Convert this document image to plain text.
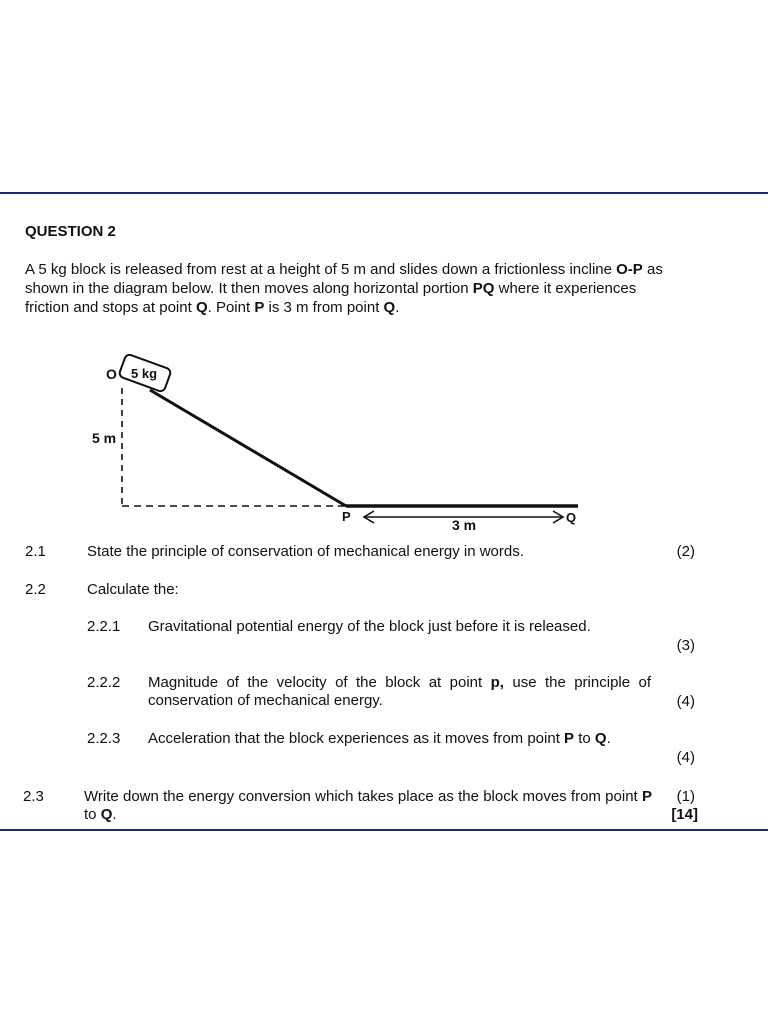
QUESTION 2
A 5 kg block is released from rest at a height of 5 m and slides down a frictionless incline O-P as shown in the diagram below. It then moves along horizontal portion PQ where it experiences friction and stops at point Q. Point P is 3 m from point Q.
5 kg
O
5 m
P
3 m	Q
2.1	State the principle of conservation of mechanical energy in words.	(2)
2.2	Calculate the:
2.2.1 Gravitational potential energy of the block just before it is released.
(3)
2.2.2 Magnitude of the velocity of the block at point p, use the principle of conservation of mechanical energy.	(4)
2.2.3 Acceleration that the block experiences as it moves from point P to Q.
(4)
2.3	Write down the energy conversion which takes place as the block moves from point P to Q.
(1)
[14]
